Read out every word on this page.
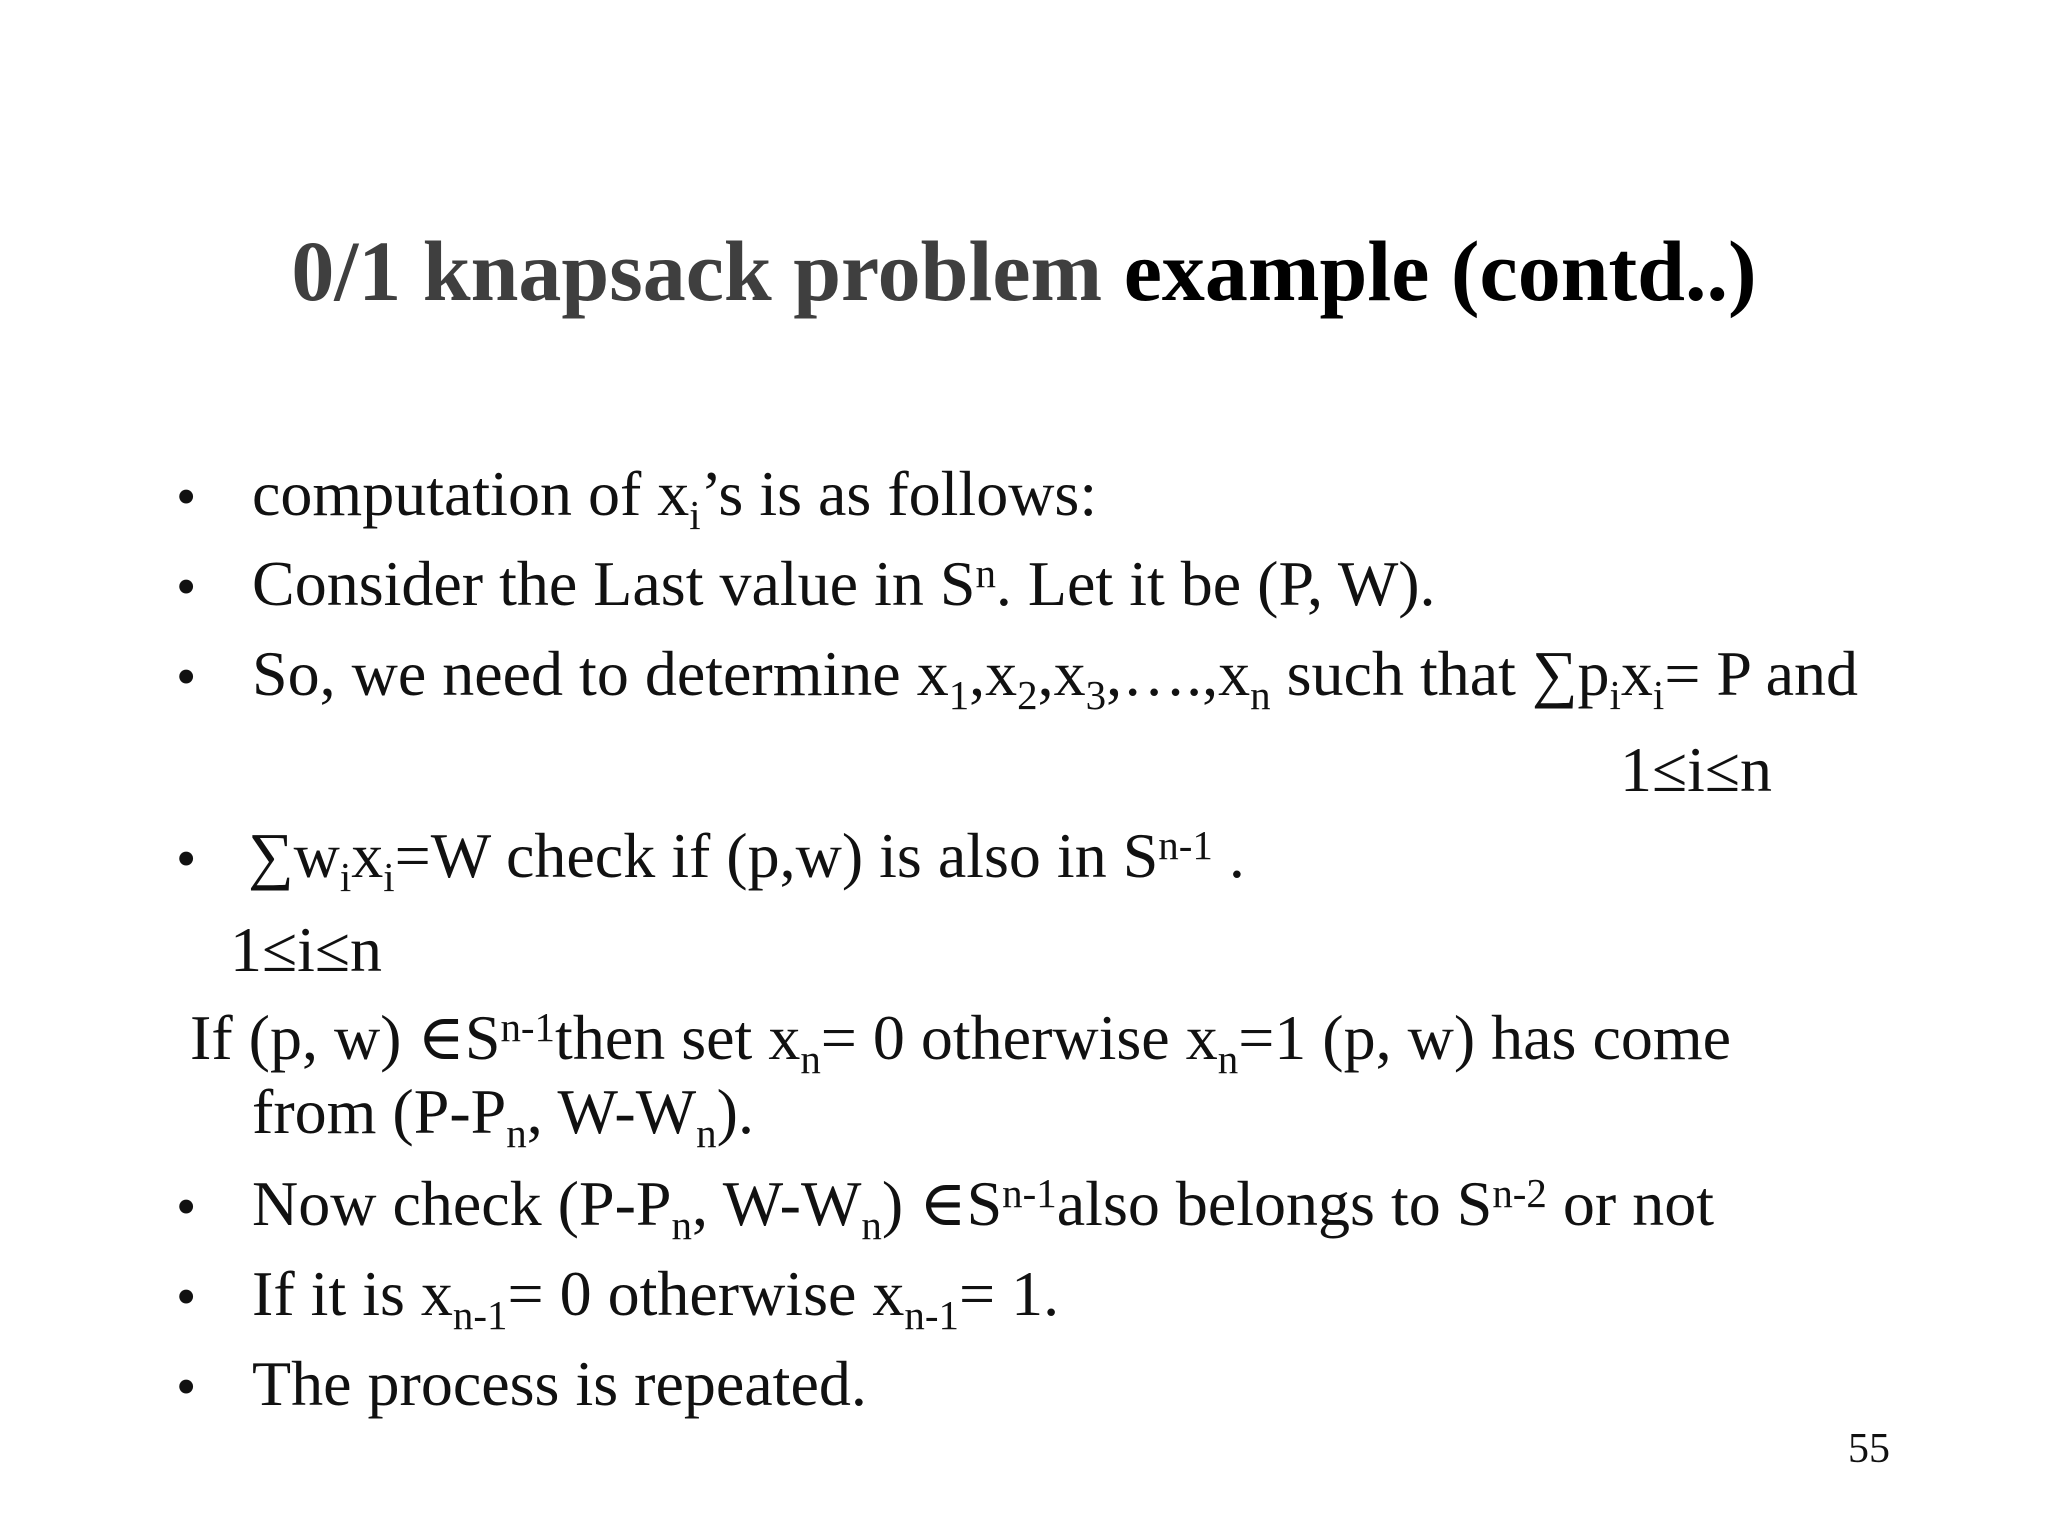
0/1 knapsack problem example (contd..)
• computation of $x_i’s$ is as follows:
• Consider the Last value in $S^n$. Let it be (P, W).
• So, we need to determine $x_1,x_2,x_3,\dots.,x_n$ such that $\sum p_ix_i= P$ and
1≤i≤n
• $\sum w_ix_i=W$ check if (p,w) is also in $S^{n-1}$ .
1≤i≤n
If (p, w) $\in S^{n-1}then$ set $x_n= 0$ otherwise $x_n=1$ (p, w) has come
from ($P-P_n$, $W-W_n$).
• Now check ($P-P_n$, $W-W_n$) $\in S^{n-1}also$ belongs to $S^{n-2}$ or not
• If it is $x_{n-1}= 0$ otherwise $x_{n-1}= 1$.
• The process is repeated.
55
